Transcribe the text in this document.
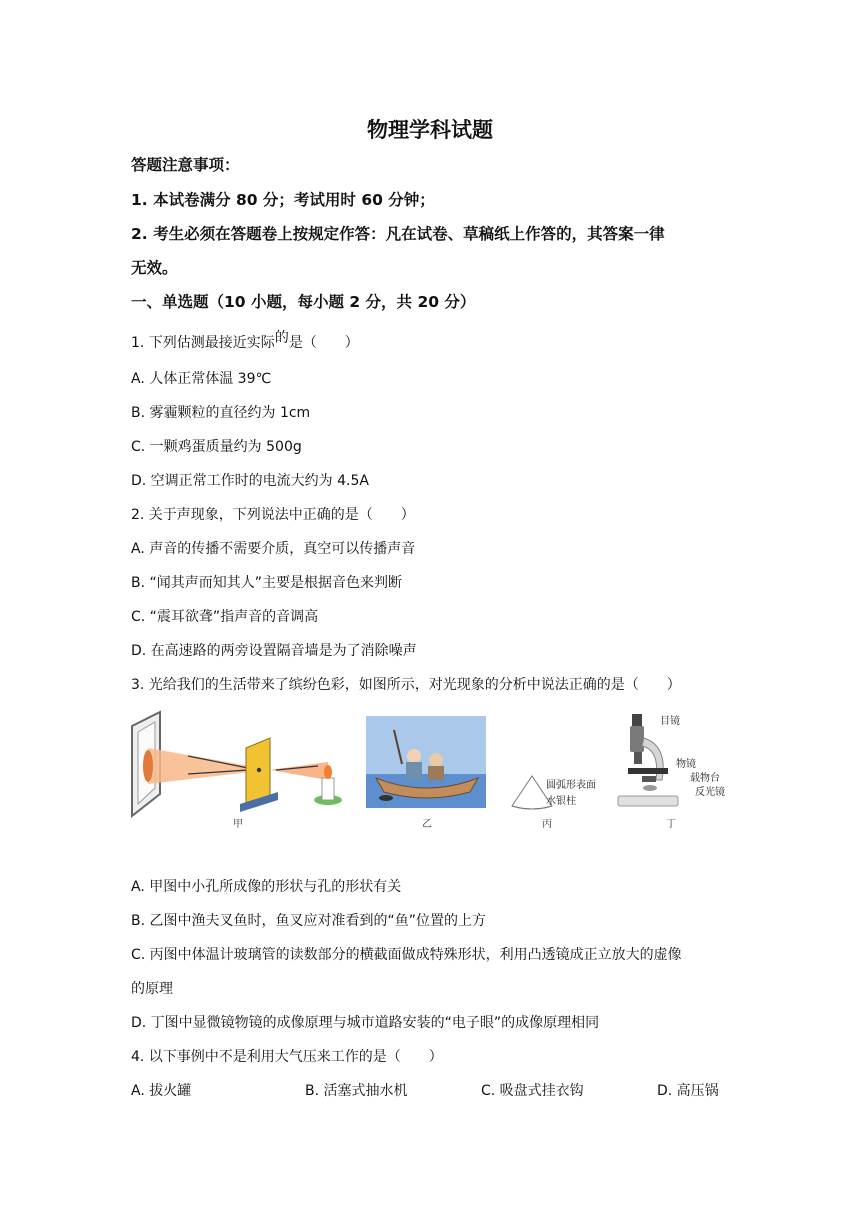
物理学科试题
答题注意事项：
1. 本试卷满分 80 分；考试用时 60 分钟；
2. 考生必须在答题卷上按规定作答：凡在试卷、草稿纸上作答的，其答案一律
无效。
一、单选题（10 小题，每小题 2 分，共 20 分）
1. 下列估测最接近实际的是（　　）
A. 人体正常体温 39℃
B. 雾霾颗粒的直径约为 1cm
C. 一颗鸡蛋质量约为 500g
D. 空调正常工作时的电流大约为 4.5A
2. 关于声现象，下列说法中正确的是（　　）
A. 声音的传播不需要介质，真空可以传播声音
B. “闻其声而知其人”主要是根据音色来判断
C. “震耳欲聋”指声音的音调高
D. 在高速路的两旁设置隔音墙是为了消除噪声
3. 光给我们的生活带来了缤纷色彩，如图所示，对光现象的分析中说法正确的是（　　）
甲	乙
圆弧形表面
水银柱
丙
目镜
物镜
载物台
反光镜
丁
A. 甲图中小孔所成像的形状与孔的形状有关
B. 乙图中渔夫叉鱼时，鱼叉应对准看到的“鱼”位置的上方
C. 丙图中体温计玻璃管的读数部分的横截面做成特殊形状，利用凸透镜成正立放大的虚像
的原理
D. 丁图中显微镜物镜的成像原理与城市道路安装的“电子眼”的成像原理相同
4. 以下事例中不是利用大气压来工作的是（　　）
A. 拔火罐	B. 活塞式抽水机	C. 吸盘式挂衣钩	D. 高压锅
